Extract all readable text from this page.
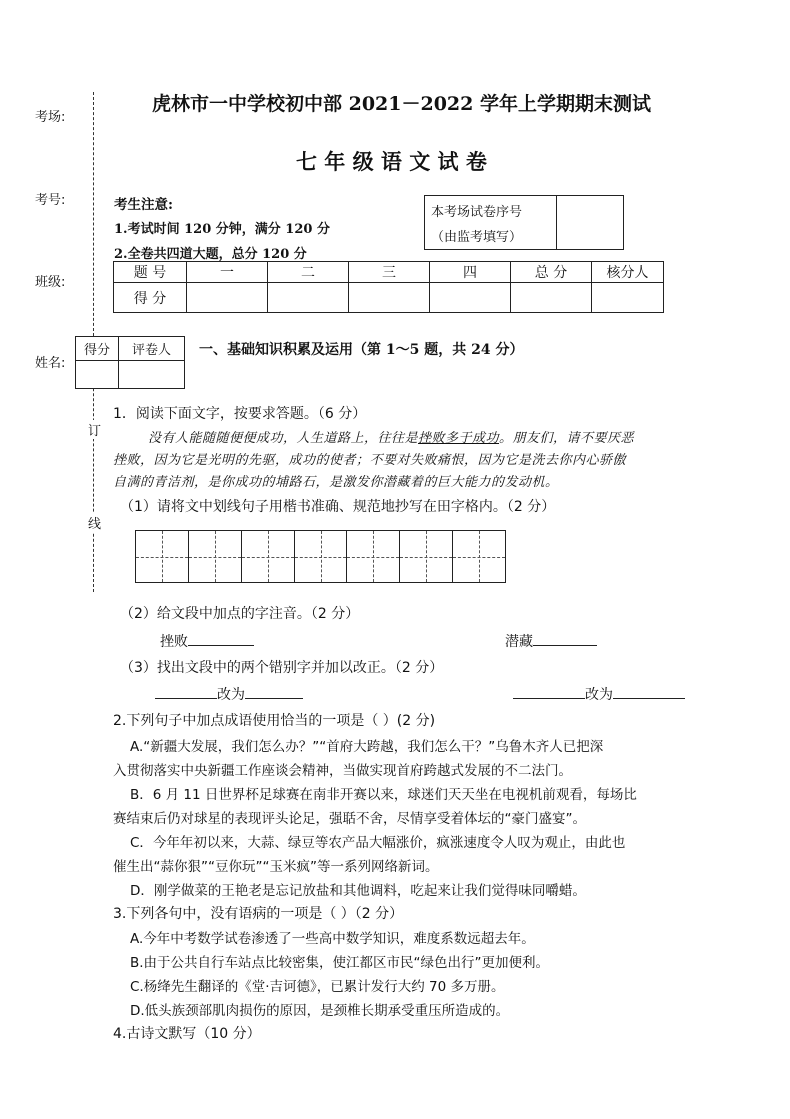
考场:
考号:
班级:
姓名:
订
线
虎林市一中学校初中部 2021－2022 学年上学期期末测试
七 年 级 语 文 试 卷
考生注意:
1.考试时间 120 分钟，满分 120 分
2.全卷共四道大题，总分 120 分
本考场试卷序号
（由监考填写）

题 号	一	二	三	四	总 分	核分人
得 分						
得分	评卷人
	一、基础知识积累及运用（第 1～5 题，共 24 分）
1．阅读下面文字，按要求答题。（6 分）
没有人能随随便便成功，人生道路上，往往是挫败多于成功。朋友们，请不要厌恶
挫败，因为它是光明的先驱，成功的使者；不要对失败痛恨，因为它是洗去你内心骄傲
自满的青洁剂，是你成功的埔路石，是激发你潜藏着的巨大能力的发动机。
（1）请将文中划线句子用楷书准确、规范地抄写在田字格内。（2 分）
（2）给文段中加点的字注音。（2 分）
挫败	潜藏
（3）找出文段中的两个错别字并加以改正。（2 分）
改为	改为
2.下列句子中加点成语使用恰当的一项是（ ）(2 分)
A.“新疆大发展，我们怎么办？”“首府大跨越，我们怎么干？”乌鲁木齐人已把深
入贯彻落实中央新疆工作座谈会精神，当做实现首府跨越式发展的不二法门。
B．6 月 11 日世界杯足球赛在南非开赛以来，球迷们天天坐在电视机前观看，每场比
赛结束后仍对球星的表现评头论足，强聒不舍，尽情享受着体坛的“豪门盛宴”。
C．今年年初以来，大蒜、绿豆等农产品大幅涨价，疯涨速度令人叹为观止，由此也
催生出“蒜你狠”“豆你玩”“玉米疯”等一系列网络新词。
D．刚学做菜的王艳老是忘记放盐和其他调料，吃起来让我们觉得味同嚼蜡。
3.下列各句中，没有语病的一项是（ ）（2 分）
A.今年中考数学试卷渗透了一些高中数学知识，难度系数远超去年。
B.由于公共自行车站点比较密集，使江都区市民“绿色出行”更加便利。
C.杨绛先生翻译的《堂·吉诃德》，已累计发行大约 70 多万册。
D.低头族颈部肌肉损伤的原因，是颈椎长期承受重压所造成的。
4.古诗文默写（10 分）
